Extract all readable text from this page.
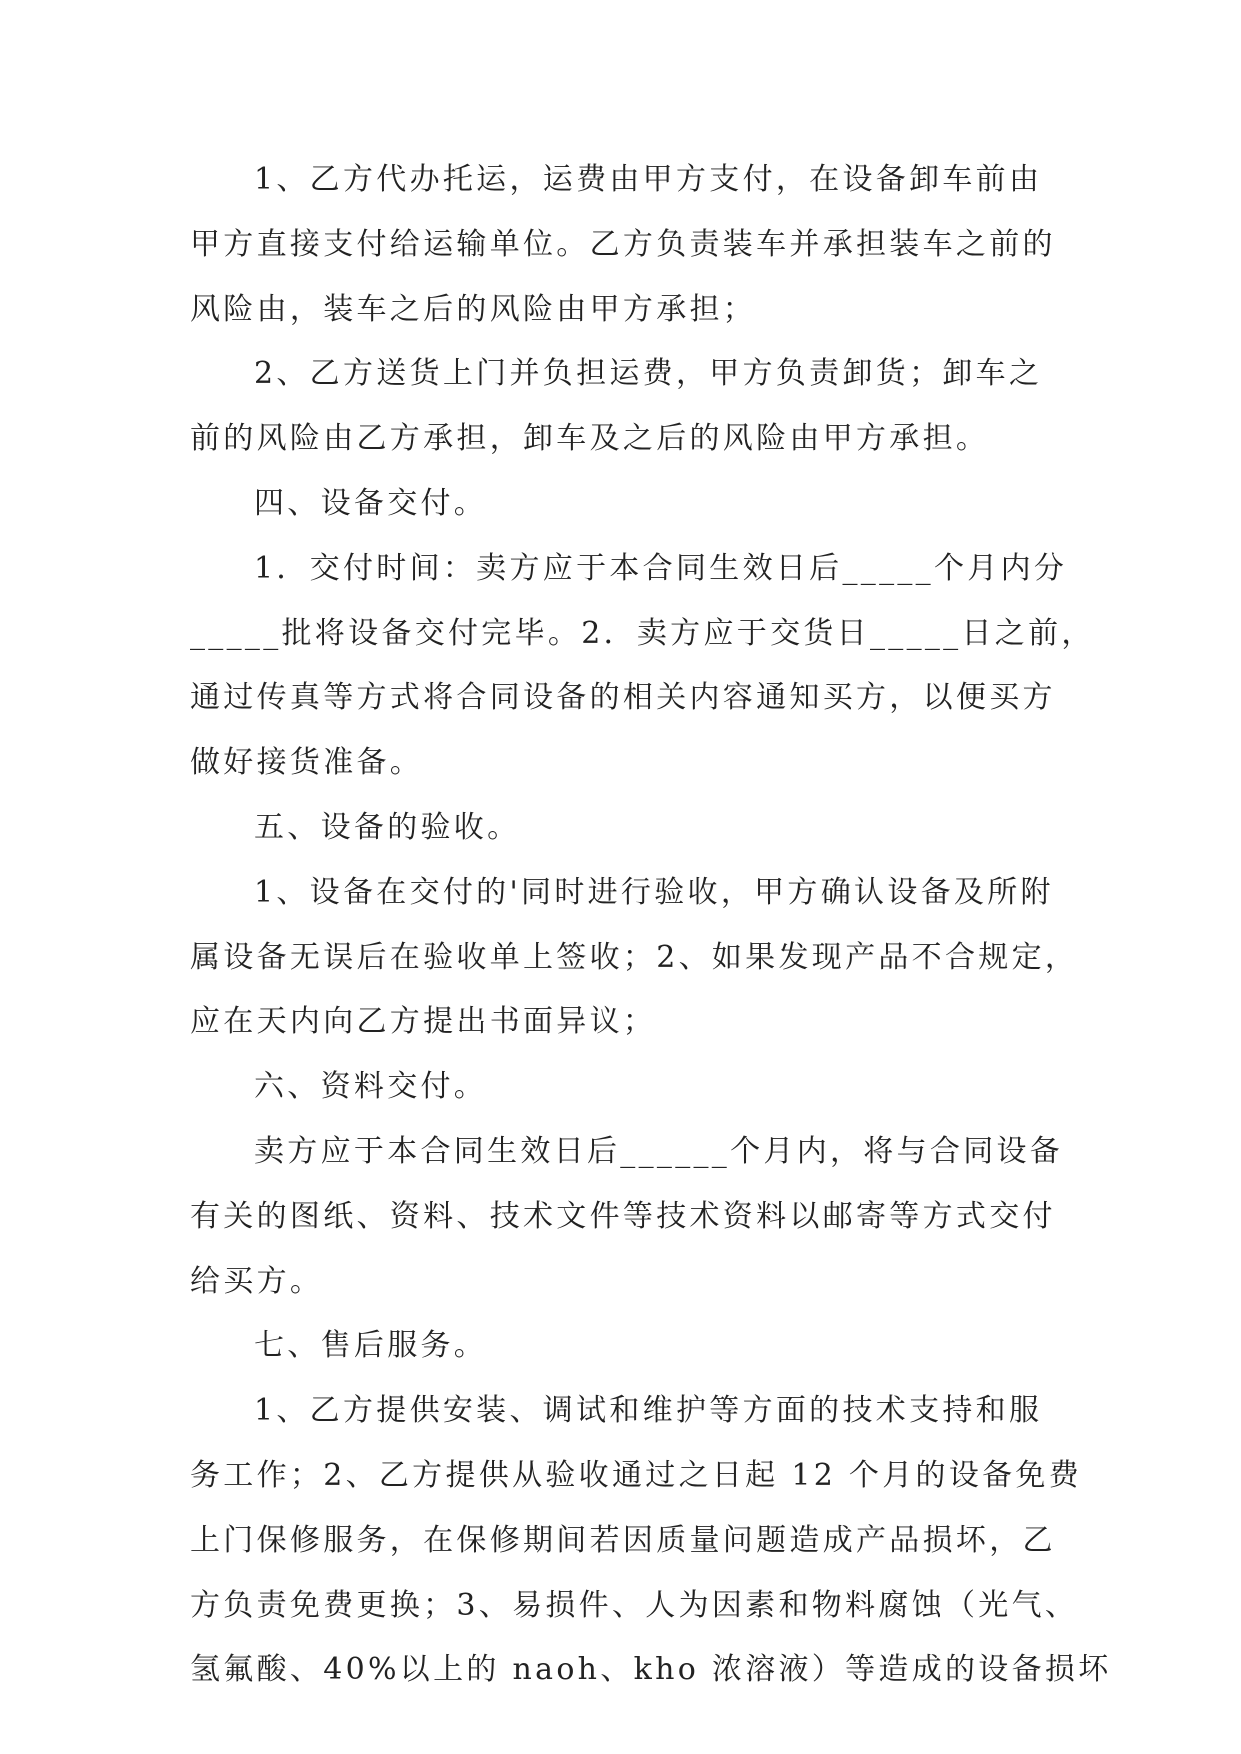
1、乙方代办托运，运费由甲方支付，在设备卸车前由
甲方直接支付给运输单位。乙方负责装车并承担装车之前的
风险由，装车之后的风险由甲方承担；
2、乙方送货上门并负担运费，甲方负责卸货；卸车之
前的风险由乙方承担，卸车及之后的风险由甲方承担。
四、设备交付。
1．交付时间：卖方应于本合同生效日后_____个月内分
_____批将设备交付完毕。2．卖方应于交货日_____日之前，
通过传真等方式将合同设备的相关内容通知买方，以便买方
做好接货准备。
五、设备的验收。
1、设备在交付的'同时进行验收，甲方确认设备及所附
属设备无误后在验收单上签收；2、如果发现产品不合规定，
应在天内向乙方提出书面异议；
六、资料交付。
卖方应于本合同生效日后______个月内，将与合同设备
有关的图纸、资料、技术文件等技术资料以邮寄等方式交付
给买方。
七、售后服务。
1、乙方提供安装、调试和维护等方面的技术支持和服
务工作；2、乙方提供从验收通过之日起 12 个月的设备免费
上门保修服务，在保修期间若因质量问题造成产品损坏，乙
方负责免费更换；3、易损件、人为因素和物料腐蚀（光气、
氢氟酸、40%以上的 naoh、kho 浓溶液）等造成的设备损坏
